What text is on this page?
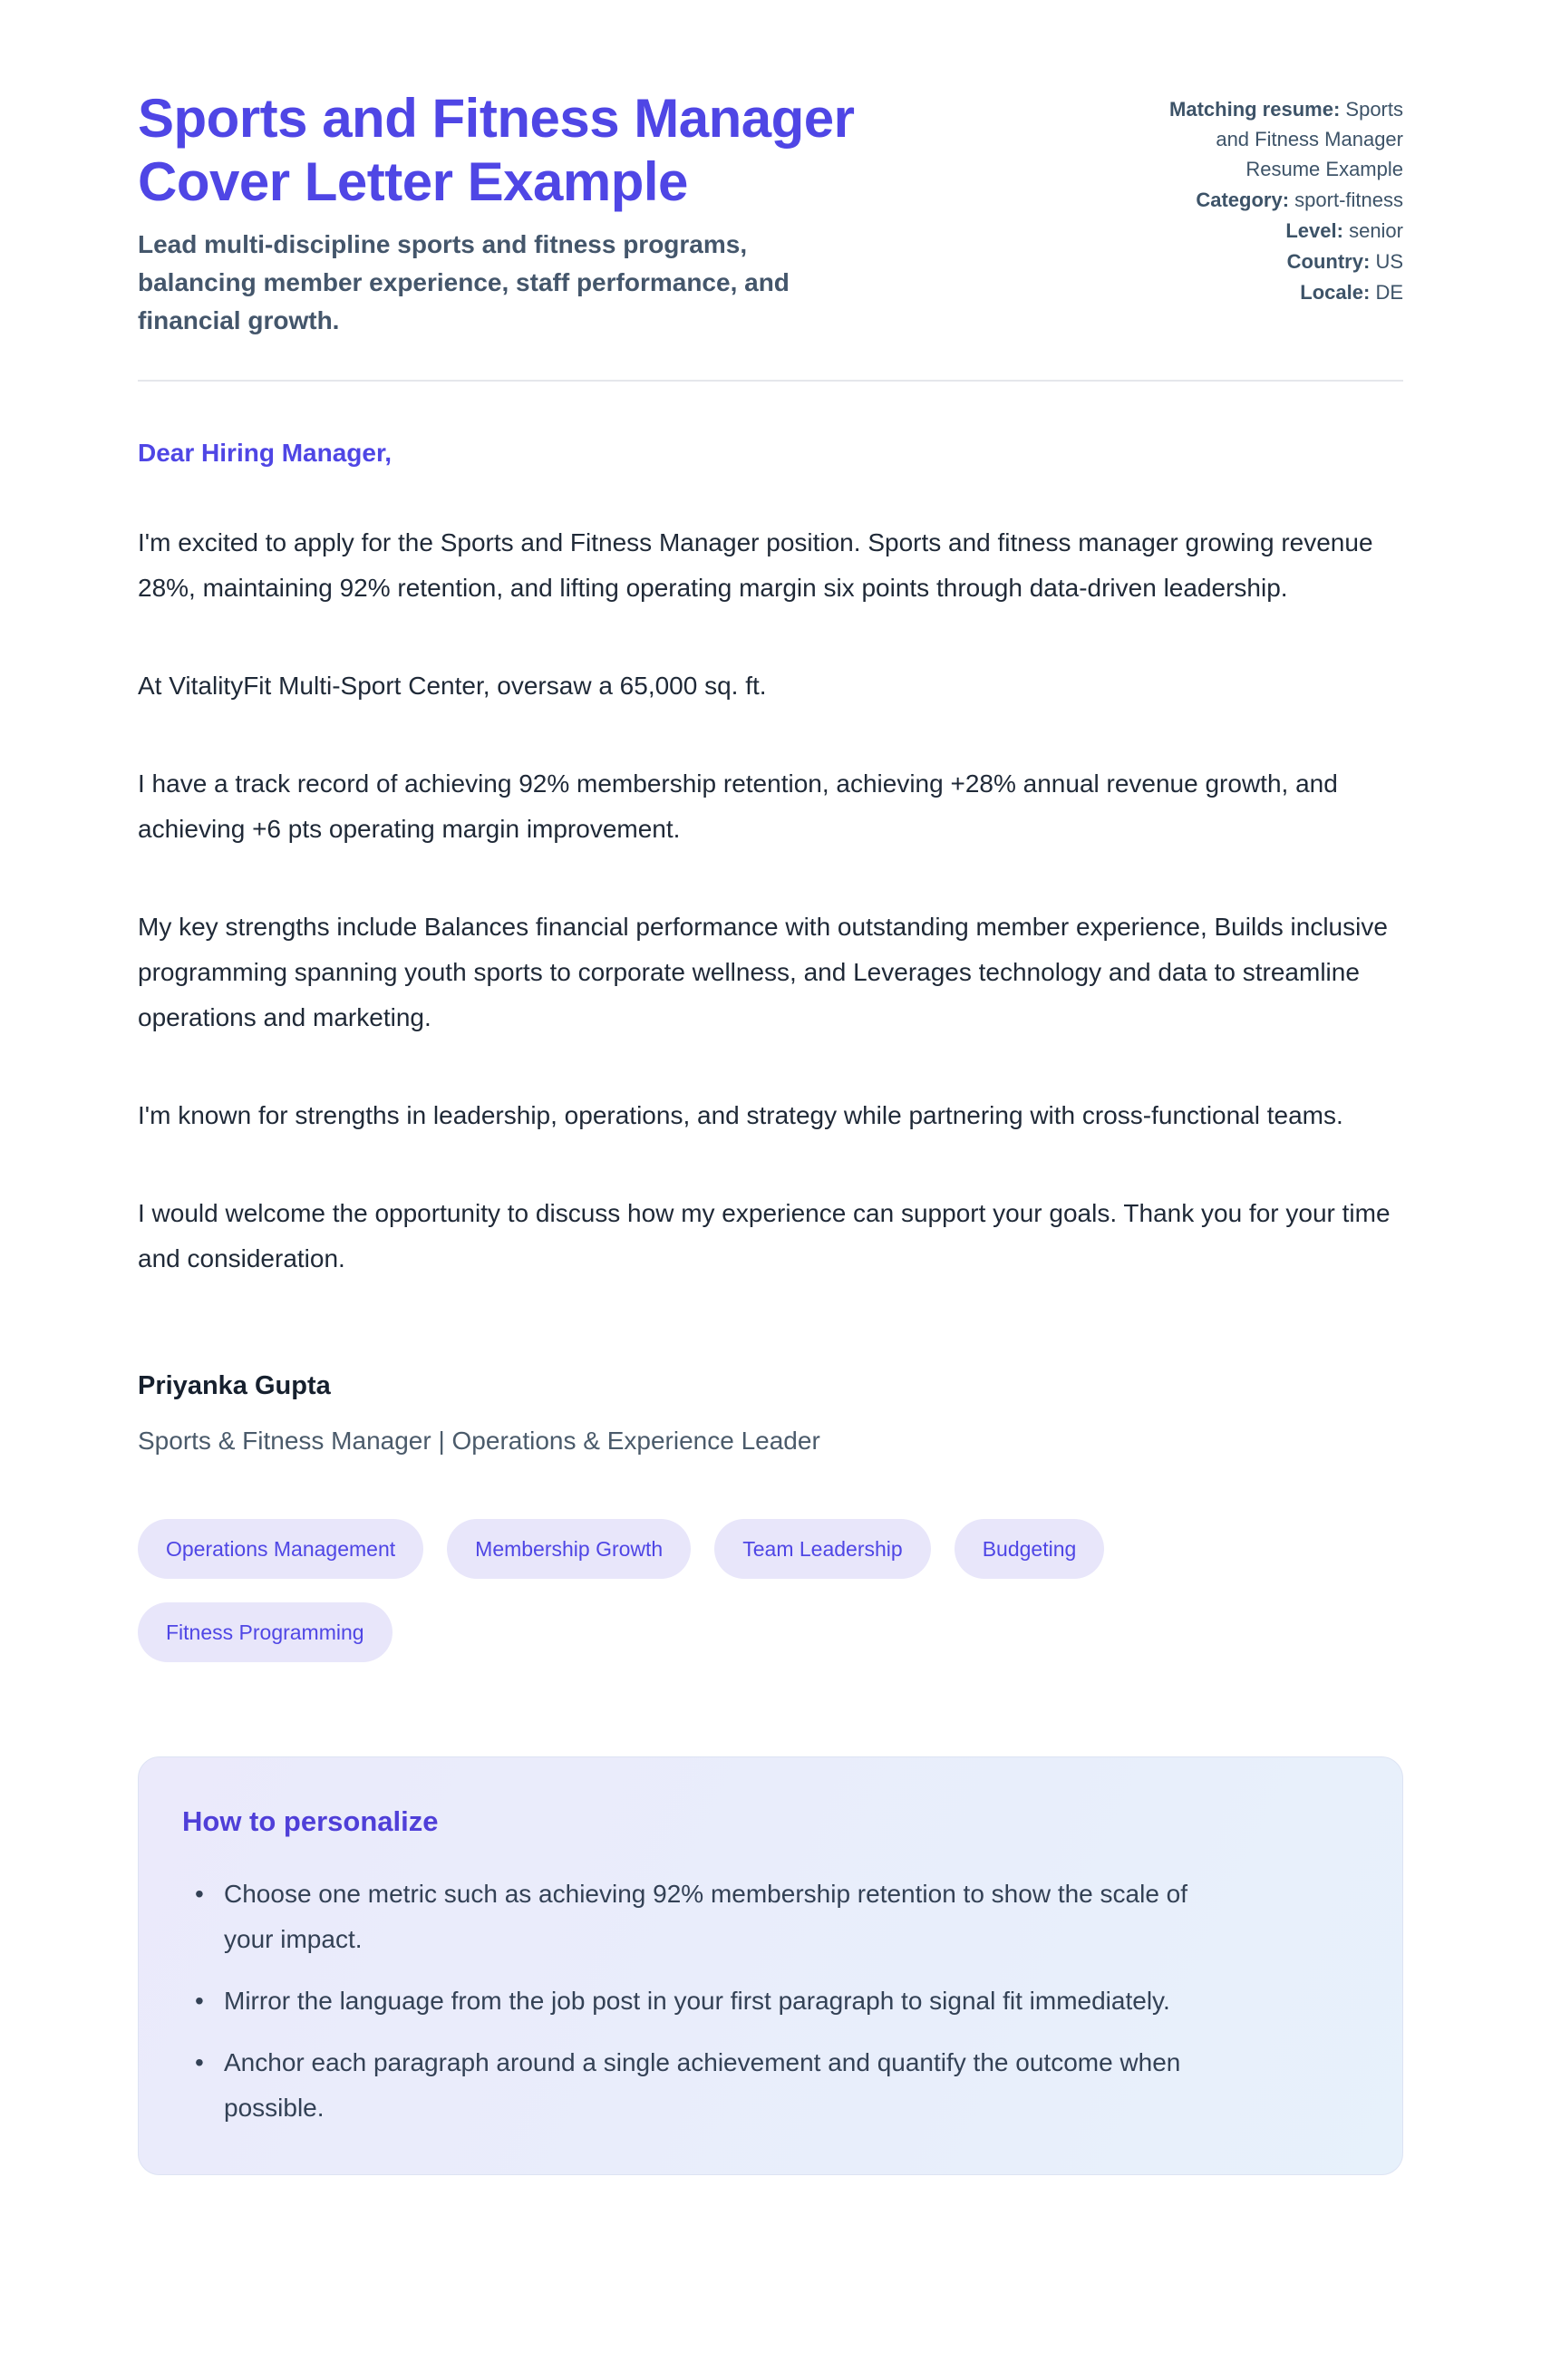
Sports and Fitness Manager Cover Letter Example
Lead multi-discipline sports and fitness programs, balancing member experience, staff performance, and financial growth.
Matching resume: Sports and Fitness Manager Resume Example
Category: sport-fitness
Level: senior
Country: US
Locale: DE
Dear Hiring Manager,

I'm excited to apply for the Sports and Fitness Manager position. Sports and fitness manager growing revenue 28%, maintaining 92% retention, and lifting operating margin six points through data-driven leadership.

At VitalityFit Multi-Sport Center, oversaw a 65,000 sq. ft.

I have a track record of achieving 92% membership retention, achieving +28% annual revenue growth, and achieving +6 pts operating margin improvement.

My key strengths include Balances financial performance with outstanding member experience, Builds inclusive programming spanning youth sports to corporate wellness, and Leverages technology and data to streamline operations and marketing.

I'm known for strengths in leadership, operations, and strategy while partnering with cross-functional teams.

I would welcome the opportunity to discuss how my experience can support your goals. Thank you for your time and consideration.

Priyanka Gupta
Sports & Fitness Manager | Operations & Experience Leader
Operations Management	Membership Growth	Team Leadership	Budgeting
Fitness Programming
How to personalize
• Choose one metric such as achieving 92% membership retention to show the scale of your impact.
• Mirror the language from the job post in your first paragraph to signal fit immediately.
• Anchor each paragraph around a single achievement and quantify the outcome when possible.
